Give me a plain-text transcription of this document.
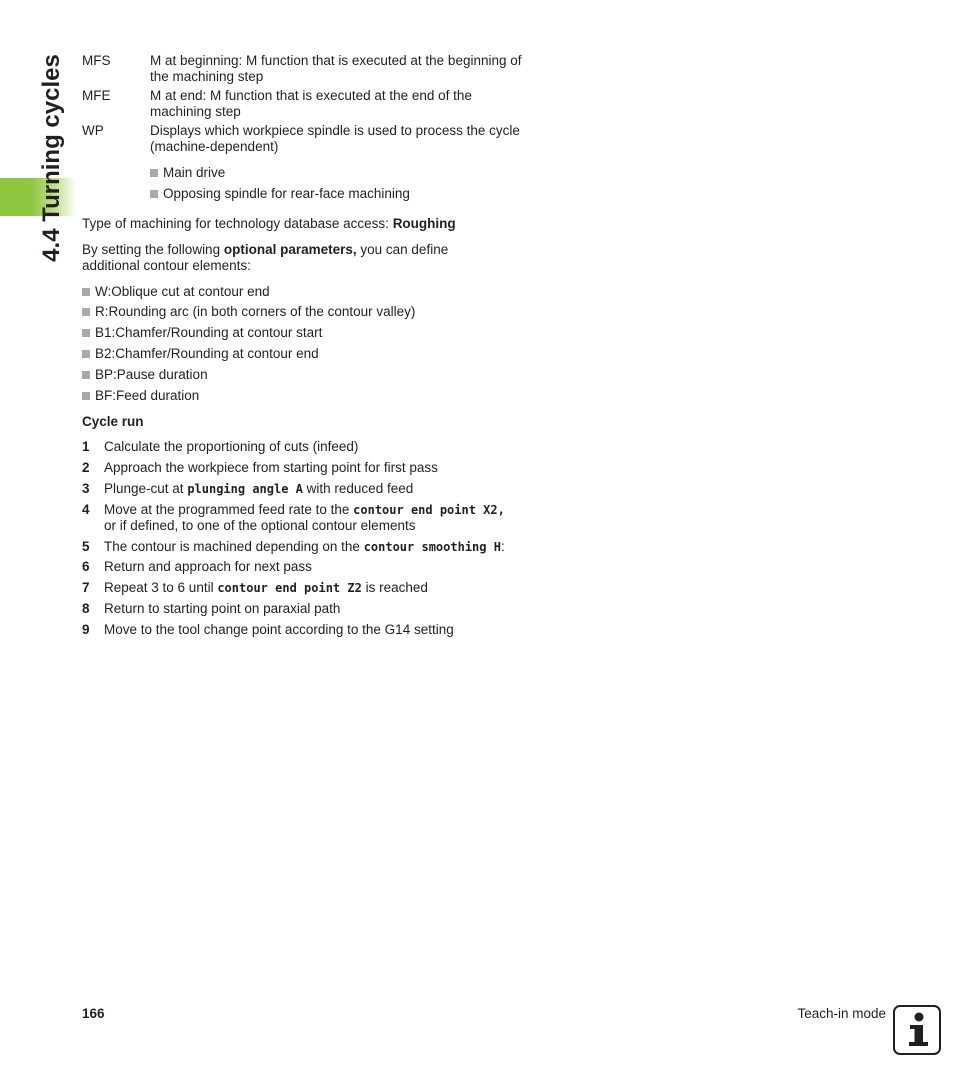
4.4 Turning cycles MFS	M at beginning: M function that is executed at the beginning of the machining step
MFE	M at end: M function that is executed at the end of the machining step
WP	Displays which workpiece spindle is used to process the cycle (machine-dependent)
Main drive
Opposing spindle for rear-face machining
Type of machining for technology database access: Roughing
By setting the following optional parameters, you can define additional contour elements:
W:Oblique cut at contour end
R:Rounding arc (in both corners of the contour valley)
B1:Chamfer/Rounding at contour start
B2:Chamfer/Rounding at contour end
BP:Pause duration
BF:Feed duration
Cycle run
1 Calculate the proportioning of cuts (infeed)
2 Approach the workpiece from starting point for first pass
3 Plunge-cut at plunging angle A with reduced feed
4 Move at the programmed feed rate to the contour end point X2,
or if defined, to one of the optional contour elements
5 The contour is machined depending on the contour smoothing H:
6 Return and approach for next pass
7 Repeat 3 to 6 until contour end point Z2 is reached
8 Return to starting point on paraxial path
9 Move to the tool change point according to the G14 setting
166	Teach-in mode
